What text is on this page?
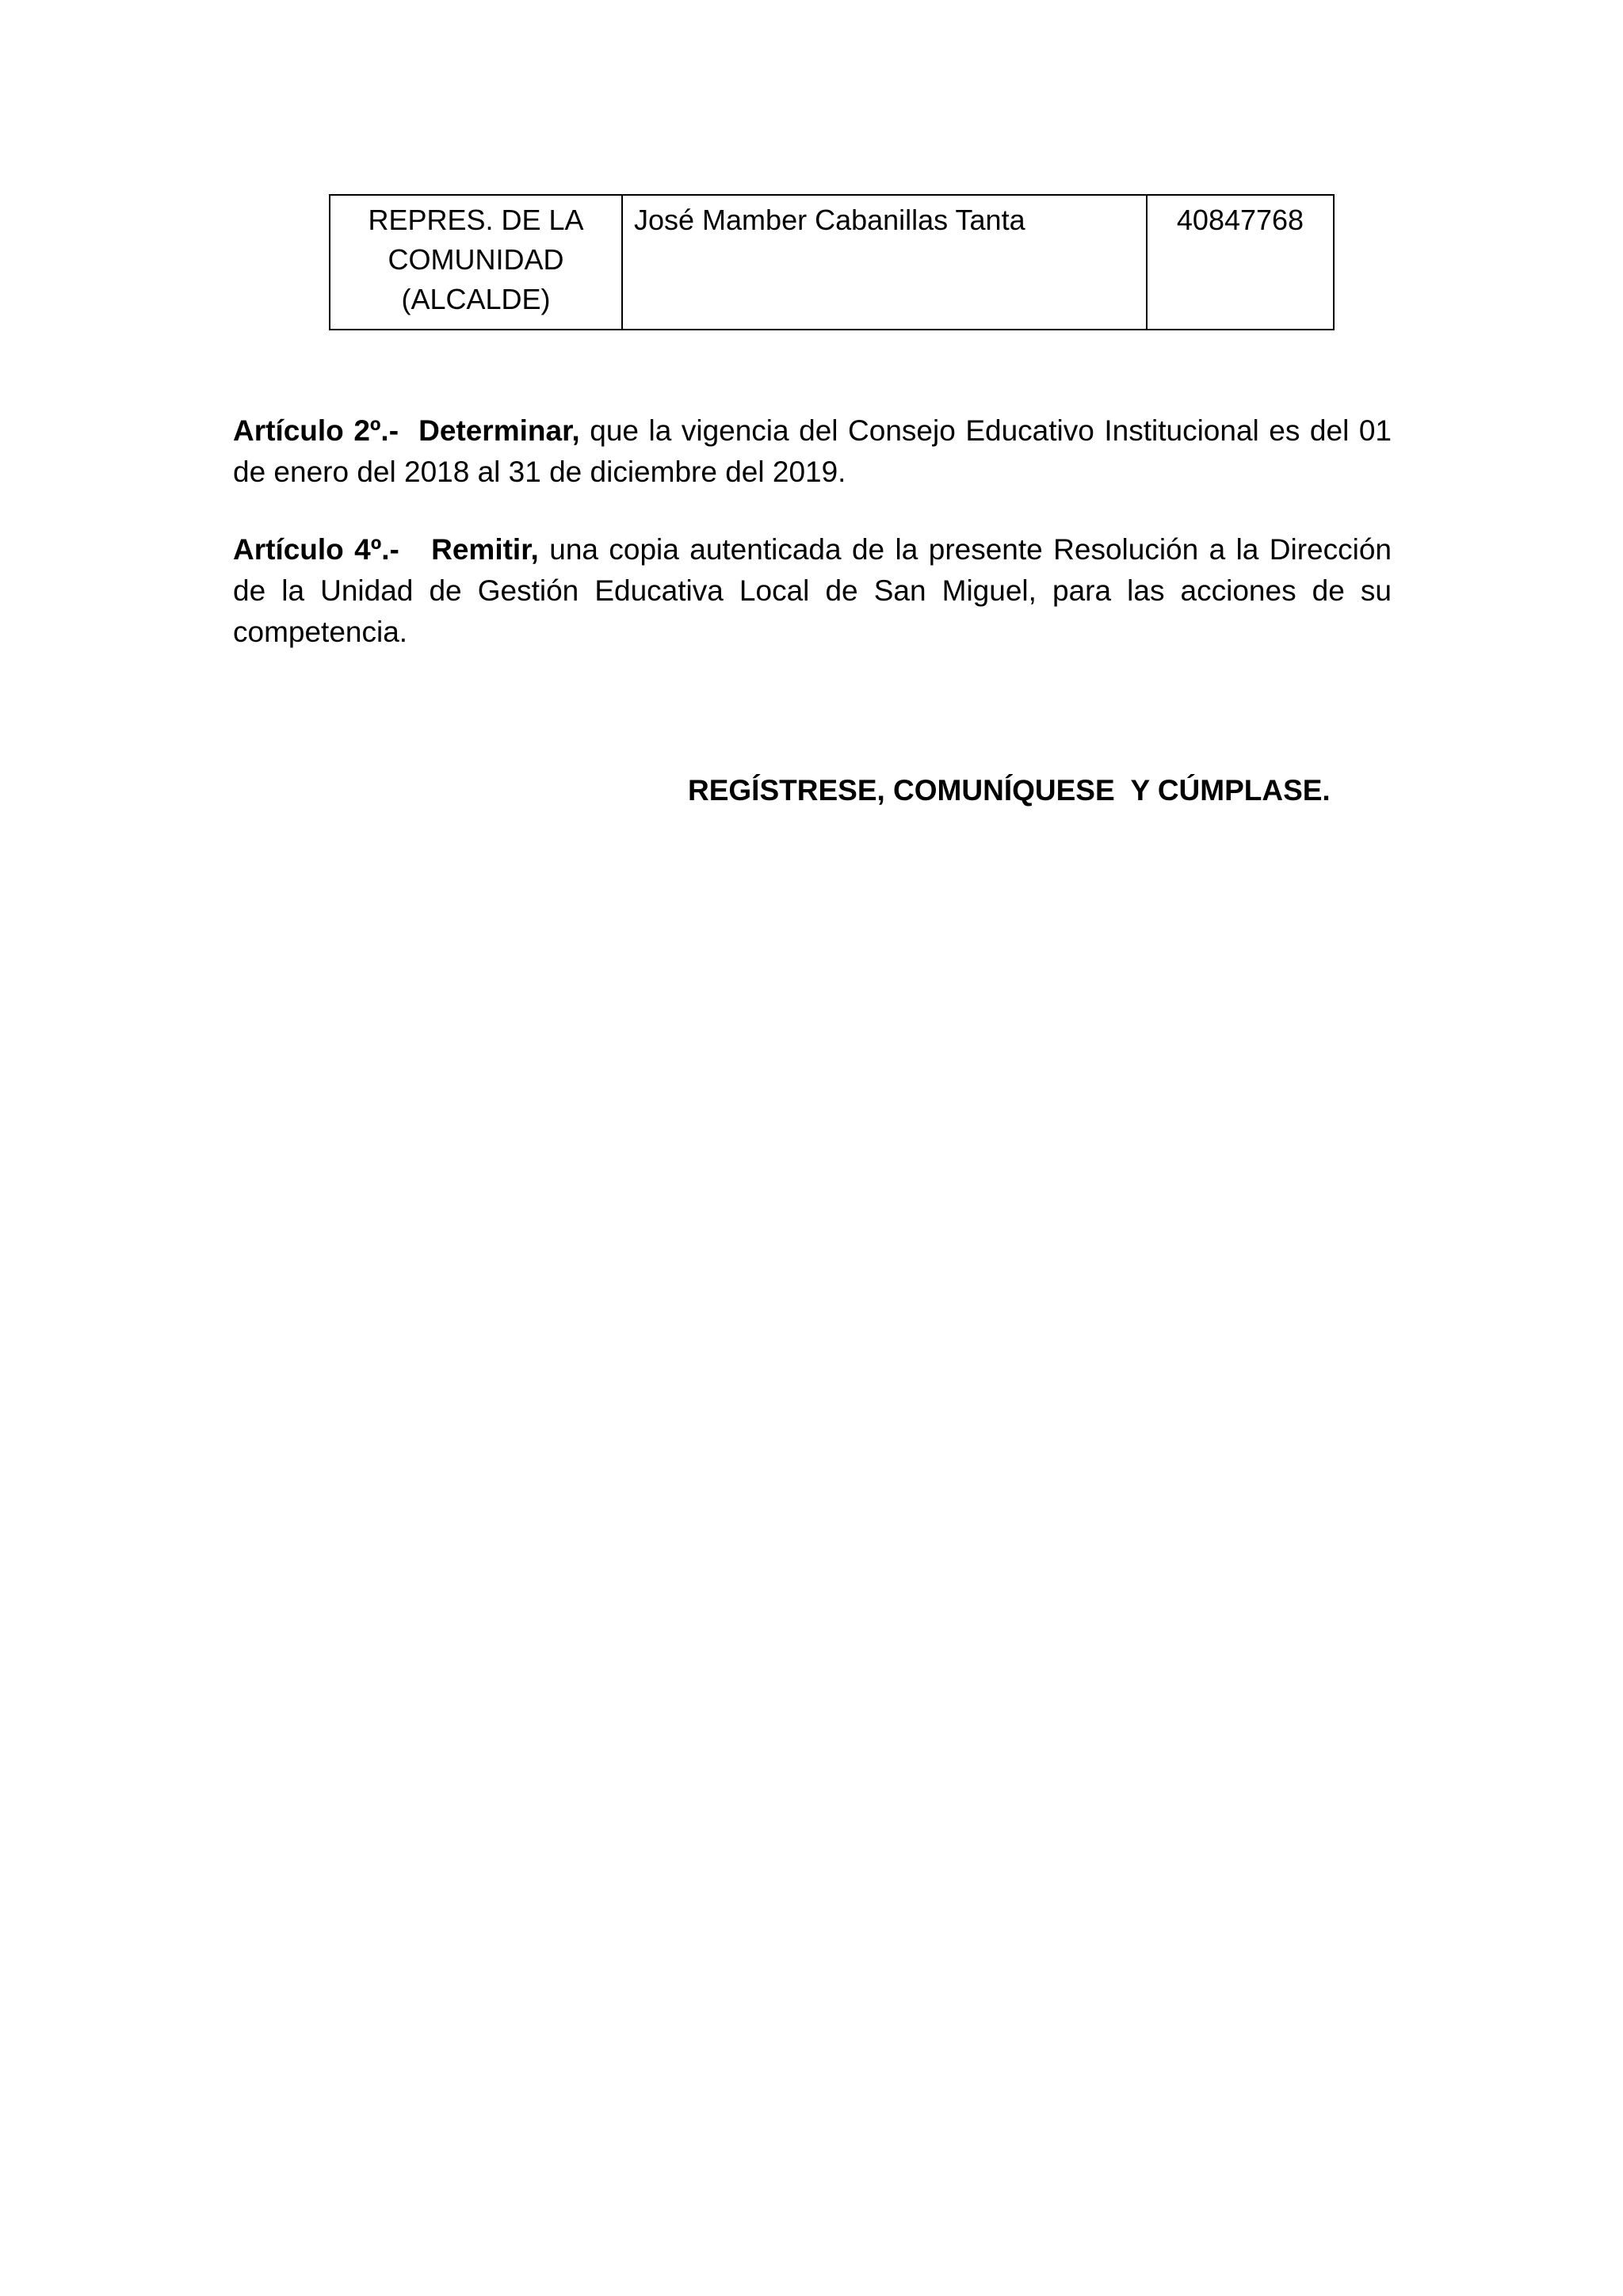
REPRES. DE LA
COMUNIDAD
(ALCALDE)
	José Mamber Cabanillas Tanta	40847768

Artículo 2º.- Determinar, que la vigencia del Consejo Educativo Institucional es del 01 de enero del 2018 al 31 de diciembre del 2019.

Artículo 4º.- Remitir, una copia autenticada de la presente Resolución a la Dirección de la Unidad de Gestión Educativa Local de San Miguel, para las acciones de su competencia.

REGÍSTRESE, COMUNÍQUESE  Y CÚMPLASE.
